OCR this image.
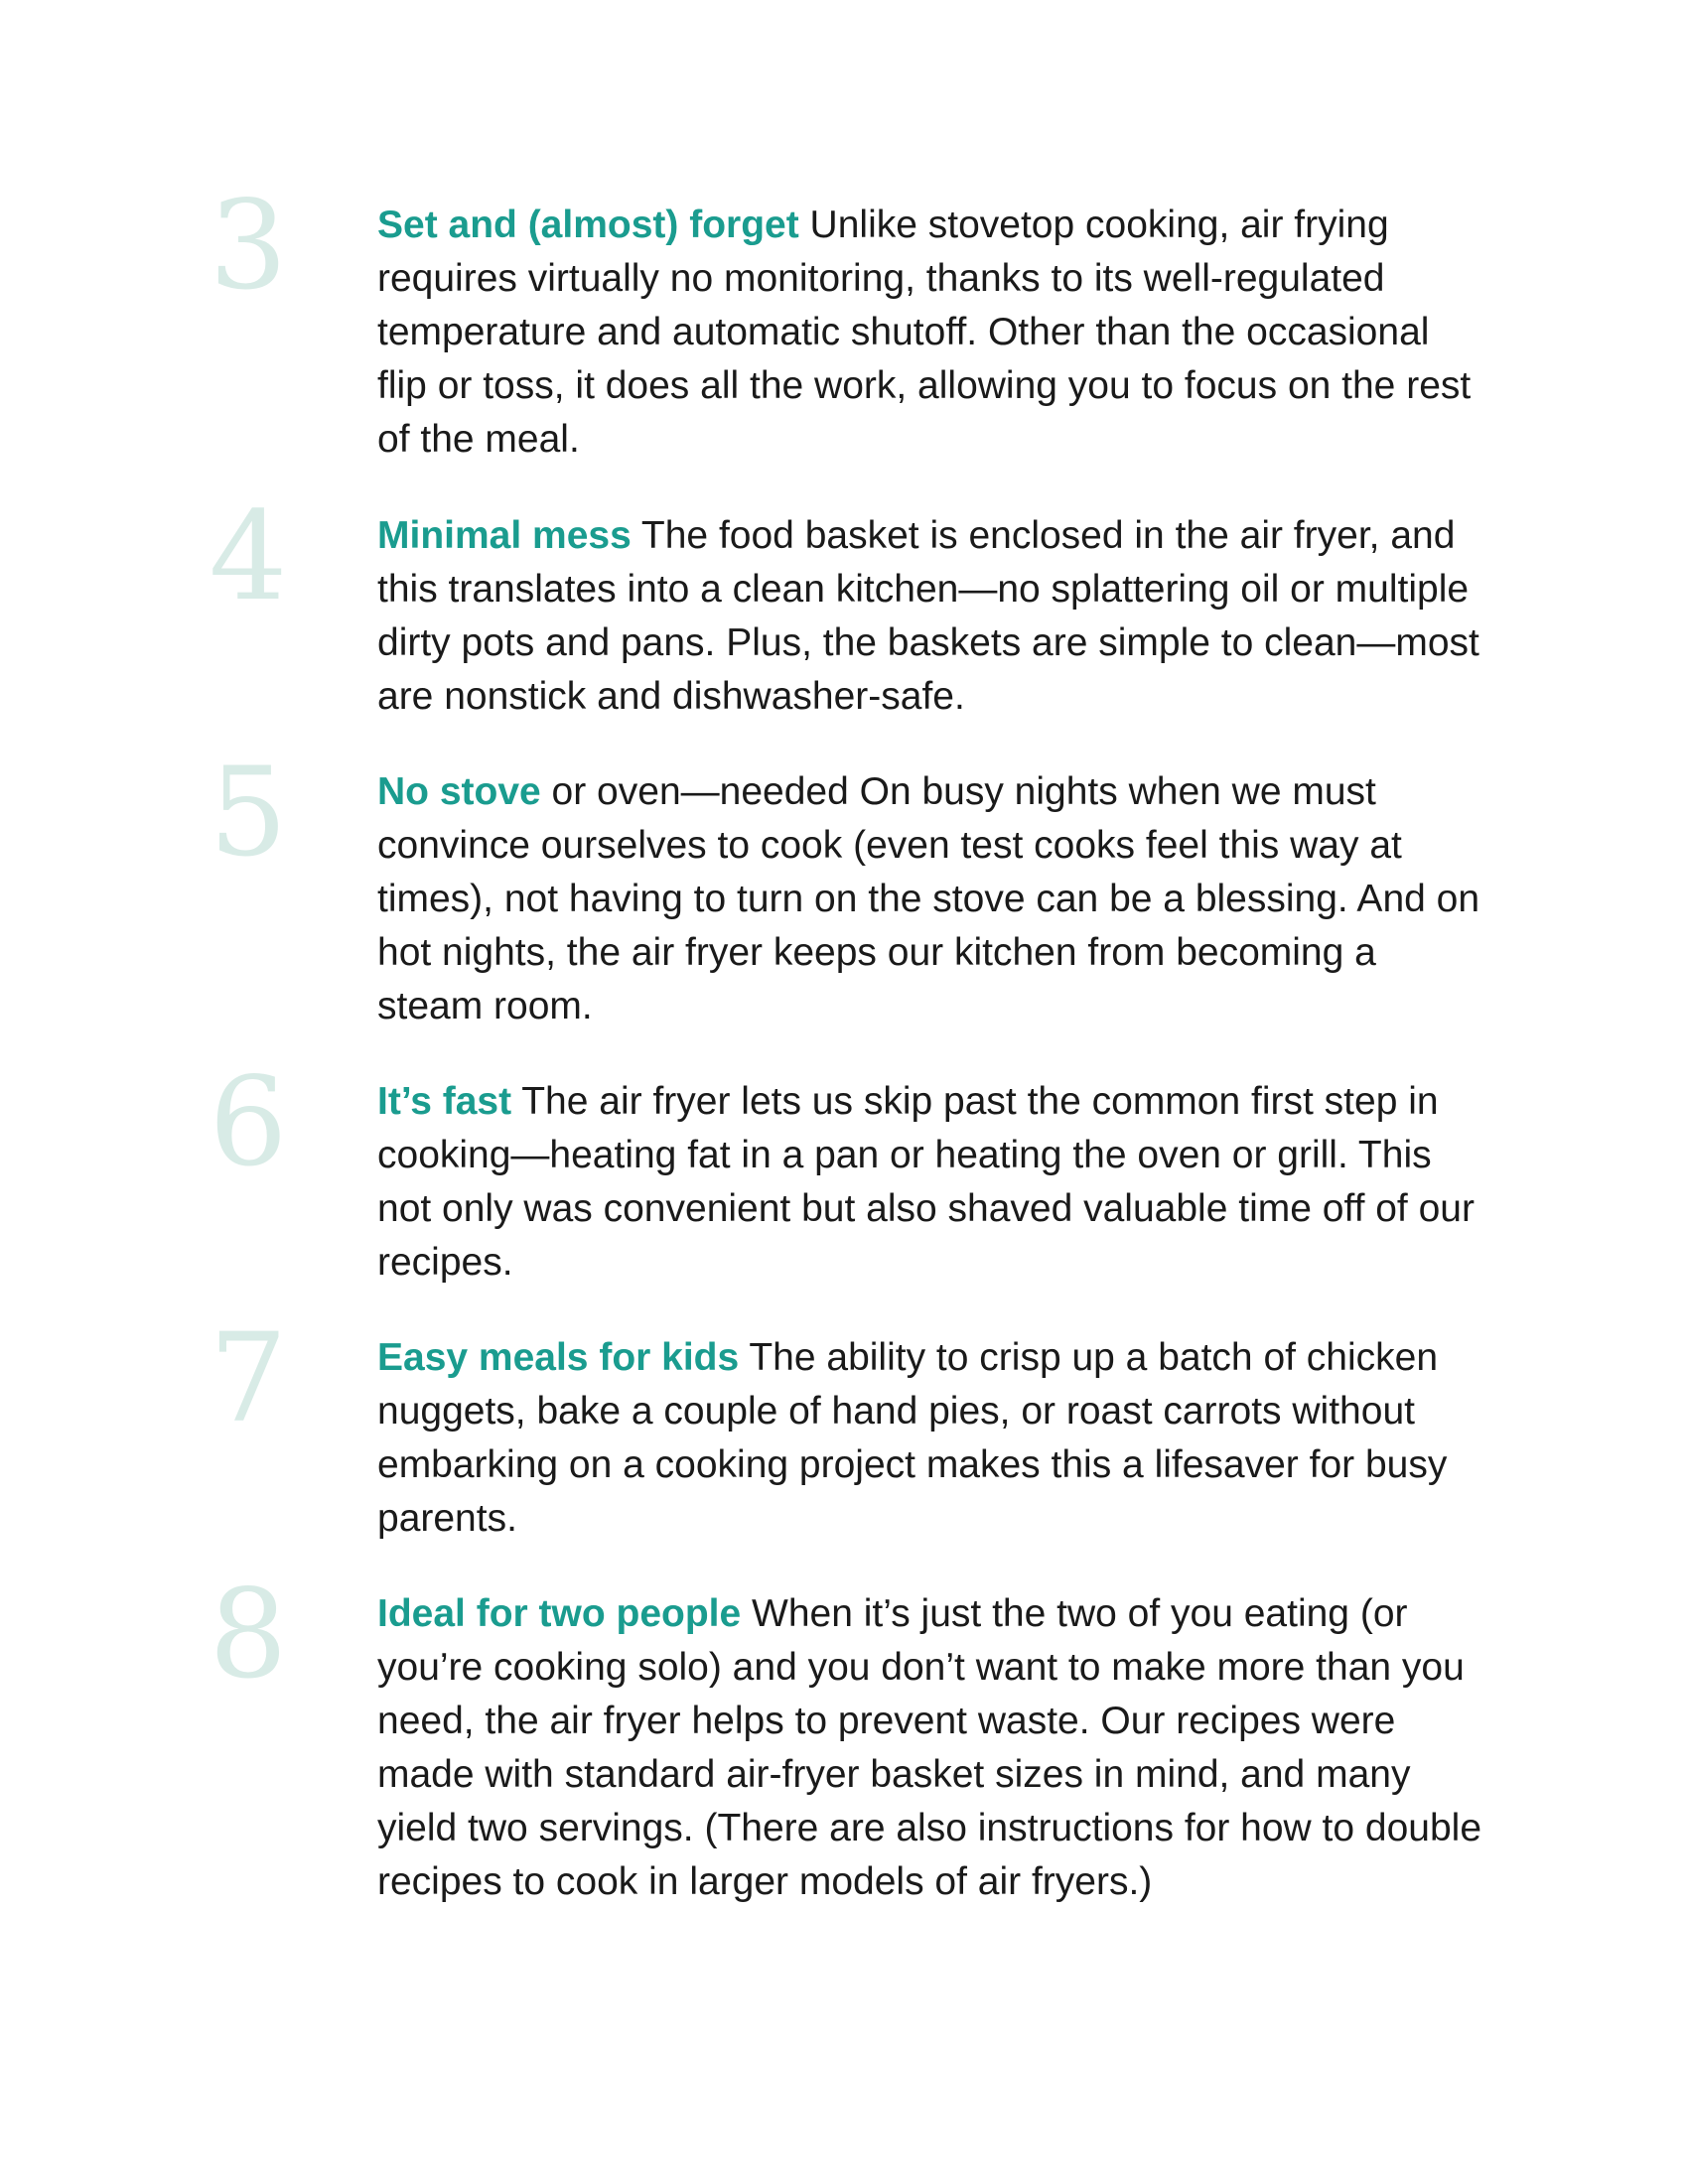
3 Set and (almost) forget Unlike stovetop cooking, air frying requires virtually no monitoring, thanks to its well-regulated temperature and automatic shutoff. Other than the occasional flip or toss, it does all the work, allowing you to focus on the rest of the meal.

4 Minimal mess The food basket is enclosed in the air fryer, and this translates into a clean kitchen—no splattering oil or multiple dirty pots and pans. Plus, the baskets are simple to clean—most are nonstick and dishwasher-safe.

5 No stove or oven—needed On busy nights when we must convince ourselves to cook (even test cooks feel this way at times), not having to turn on the stove can be a blessing. And on hot nights, the air fryer keeps our kitchen from becoming a steam room.

6 It’s fast The air fryer lets us skip past the common first step in cooking—heating fat in a pan or heating the oven or grill. This not only was convenient but also shaved valuable time off of our recipes.

7 Easy meals for kids The ability to crisp up a batch of chicken nuggets, bake a couple of hand pies, or roast carrots without embarking on a cooking project makes this a lifesaver for busy parents.

8 Ideal for two people When it’s just the two of you eating (or you’re cooking solo) and you don’t want to make more than you need, the air fryer helps to prevent waste. Our recipes were made with standard air-fryer basket sizes in mind, and many yield two servings. (There are also instructions for how to double recipes to cook in larger models of air fryers.)
